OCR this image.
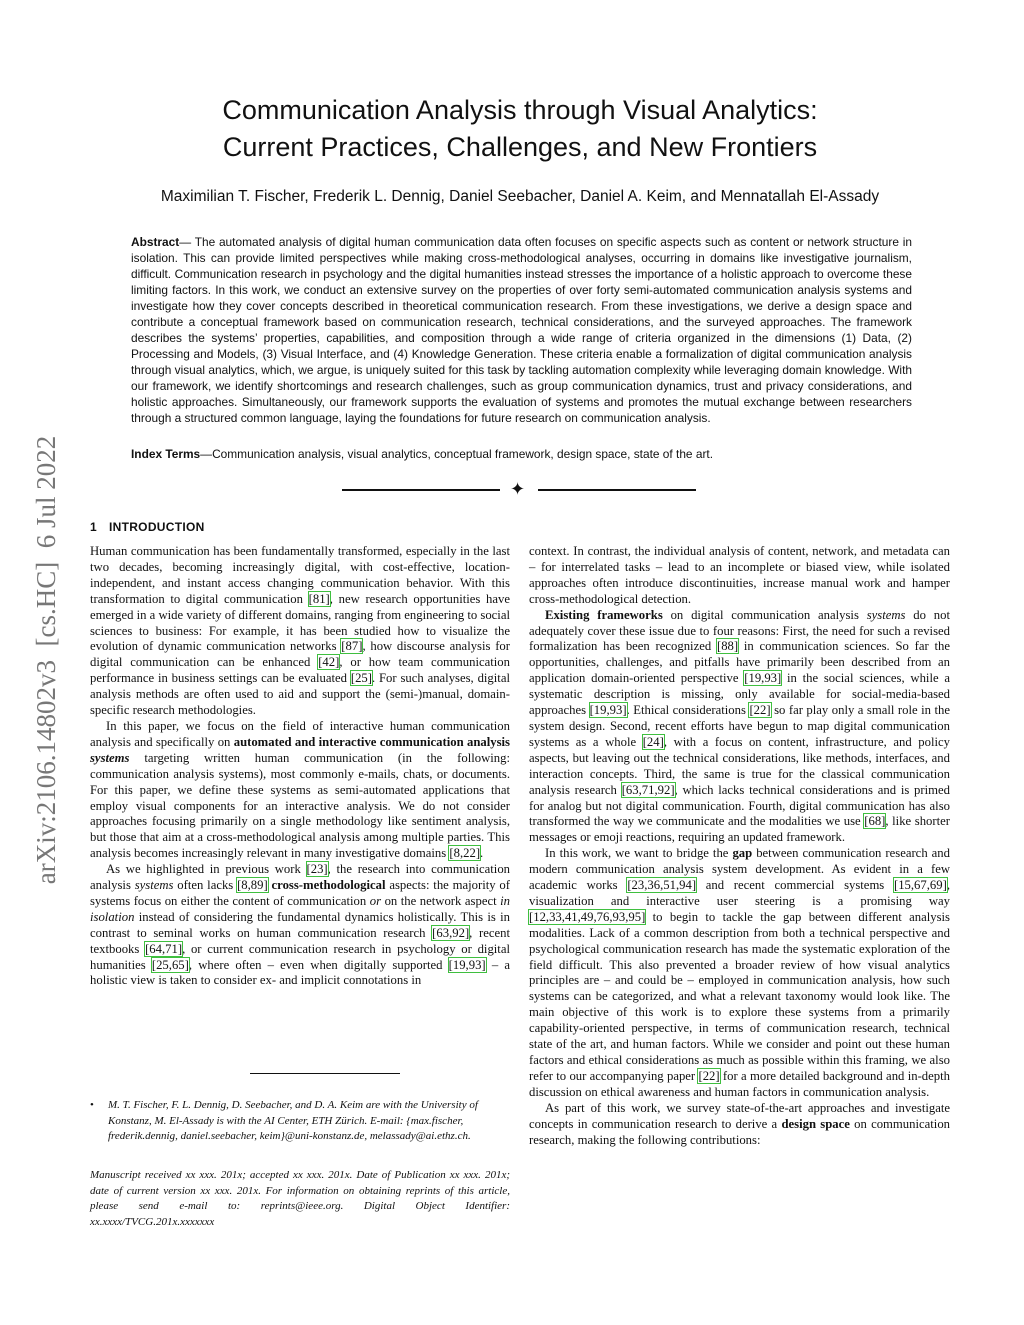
arXiv:2106.14802v3  [cs.HC]  6 Jul 2022
Communication Analysis through Visual Analytics:
Current Practices, Challenges, and New Frontiers
Maximilian T. Fischer, Frederik L. Dennig, Daniel Seebacher, Daniel A. Keim, and Mennatallah El-Assady

Abstract— The automated analysis of digital human communication data often focuses on specific aspects such as content or network structure in isolation. This can provide limited perspectives while making cross-methodological analyses, occurring in domains like investigative journalism, difficult. Communication research in psychology and the digital humanities instead stresses the importance of a holistic approach to overcome these limiting factors. In this work, we conduct an extensive survey on the properties of over forty semi-automated communication analysis systems and investigate how they cover concepts described in theoretical communication research. From these investigations, we derive a design space and contribute a conceptual framework based on communication research, technical considerations, and the surveyed approaches. The framework describes the systems’ properties, capabilities, and composition through a wide range of criteria organized in the dimensions (1) Data, (2) Processing and Models, (3) Visual Interface, and (4) Knowledge Generation. These criteria enable a formalization of digital communication analysis through visual analytics, which, we argue, is uniquely suited for this task by tackling automation complexity while leveraging domain knowledge. With our framework, we identify shortcomings and research challenges, such as group communication dynamics, trust and privacy considerations, and holistic approaches. Simultaneously, our framework supports the evaluation of systems and promotes the mutual exchange between researchers through a structured common language, laying the foundations for future research on communication analysis.

Index Terms—Communication analysis, visual analytics, conceptual framework, design space, state of the art.

✦
1 INTRODUCTION

Human communication has been fundamentally transformed, especially in the last two decades, becoming increasingly digital, with cost-effective, location-independent, and instant access changing communication behavior. With this transformation to digital communication [81], new research opportunities have emerged in a wide variety of different domains, ranging from engineering to social sciences to business: For example, it has been studied how to visualize the evolution of dynamic communication networks [87], how discourse analysis for digital communication can be enhanced [42], or how team communication performance in business settings can be evaluated [25]. For such analyses, digital analysis methods are often used to aid and support the (semi-)manual, domain-specific research methodologies.

In this paper, we focus on the field of interactive human communication analysis and specifically on automated and interactive communication analysis systems targeting written human communication (in the following: communication analysis systems), most commonly e-mails, chats, or documents. For this paper, we define these systems as semi-automated applications that employ visual components for an interactive analysis. We do not consider approaches focusing primarily on a single methodology like sentiment analysis, but those that aim at a cross-methodological analysis among multiple parties. This analysis becomes increasingly relevant in many investigative domains [8,22].

As we highlighted in previous work [23], the research into communication analysis systems often lacks [8,89] cross-methodological aspects: the majority of systems focus on either the content of communication or on the network aspect in isolation instead of considering the fundamental dynamics holistically. This is in contrast to seminal works on human communication research [63,92], recent textbooks [64,71], or current communication research in psychology or digital humanities [25,65], where often – even when digitally supported [19,93] – a holistic view is taken to consider ex- and implicit connotations in

• M. T. Fischer, F. L. Dennig, D. Seebacher, and D. A. Keim are with the University of Konstanz, M. El-Assady is with the AI Center, ETH Zürich. E-mail: {max.fischer, frederik.dennig, daniel.seebacher, keim}@uni-konstanz.de, melassady@ai.ethz.ch.
Manuscript received xx xxx. 201x; accepted xx xxx. 201x. Date of Publication xx xxx. 201x; date of current version xx xxx. 201x. For information on obtaining reprints of this article, please send e-mail to: reprints@ieee.org. Digital Object Identifier: xx.xxxx/TVCG.201x.xxxxxxx

context. In contrast, the individual analysis of content, network, and metadata can – for interrelated tasks – lead to an incomplete or biased view, while isolated approaches often introduce discontinuities, increase manual work and hamper cross-methodological detection.

Existing frameworks on digital communication analysis systems do not adequately cover these issue due to four reasons: First, the need for such a revised formalization has been recognized [88] in communication sciences. So far the opportunities, challenges, and pitfalls have primarily been described from an application domain-oriented perspective [19,93] in the social sciences, while a systematic description is missing, only available for social-media-based approaches [19,93]. Ethical considerations [22] so far play only a small role in the system design. Second, recent efforts have begun to map digital communication systems as a whole [24], with a focus on content, infrastructure, and policy aspects, but leaving out the technical considerations, like methods, interfaces, and interaction concepts. Third, the same is true for the classical communication analysis research [63,71,92], which lacks technical considerations and is primed for analog but not digital communication. Fourth, digital communication has also transformed the way we communicate and the modalities we use [68], like shorter messages or emoji reactions, requiring an updated framework.

In this work, we want to bridge the gap between communication research and modern communication analysis system development. As evident in a few academic works [23,36,51,94] and recent commercial systems [15,67,69], visualization and interactive user steering is a promising way [12,33,41,49,76,93,95] to begin to tackle the gap between different analysis modalities. Lack of a common description from both a technical perspective and psychological communication research has made the systematic exploration of the field difficult. This also prevented a broader review of how visual analytics principles are – and could be – employed in communication analysis, how such systems can be categorized, and what a relevant taxonomy would look like. The main objective of this work is to explore these systems from a primarily capability-oriented perspective, in terms of communication research, technical state of the art, and human factors. While we consider and point out these human factors and ethical considerations as much as possible within this framing, we also refer to our accompanying paper [22] for a more detailed background and in-depth discussion on ethical awareness and human factors in communication analysis.

As part of this work, we survey state-of-the-art approaches and investigate concepts in communication research to derive a design space on communication research, making the following contributions:
